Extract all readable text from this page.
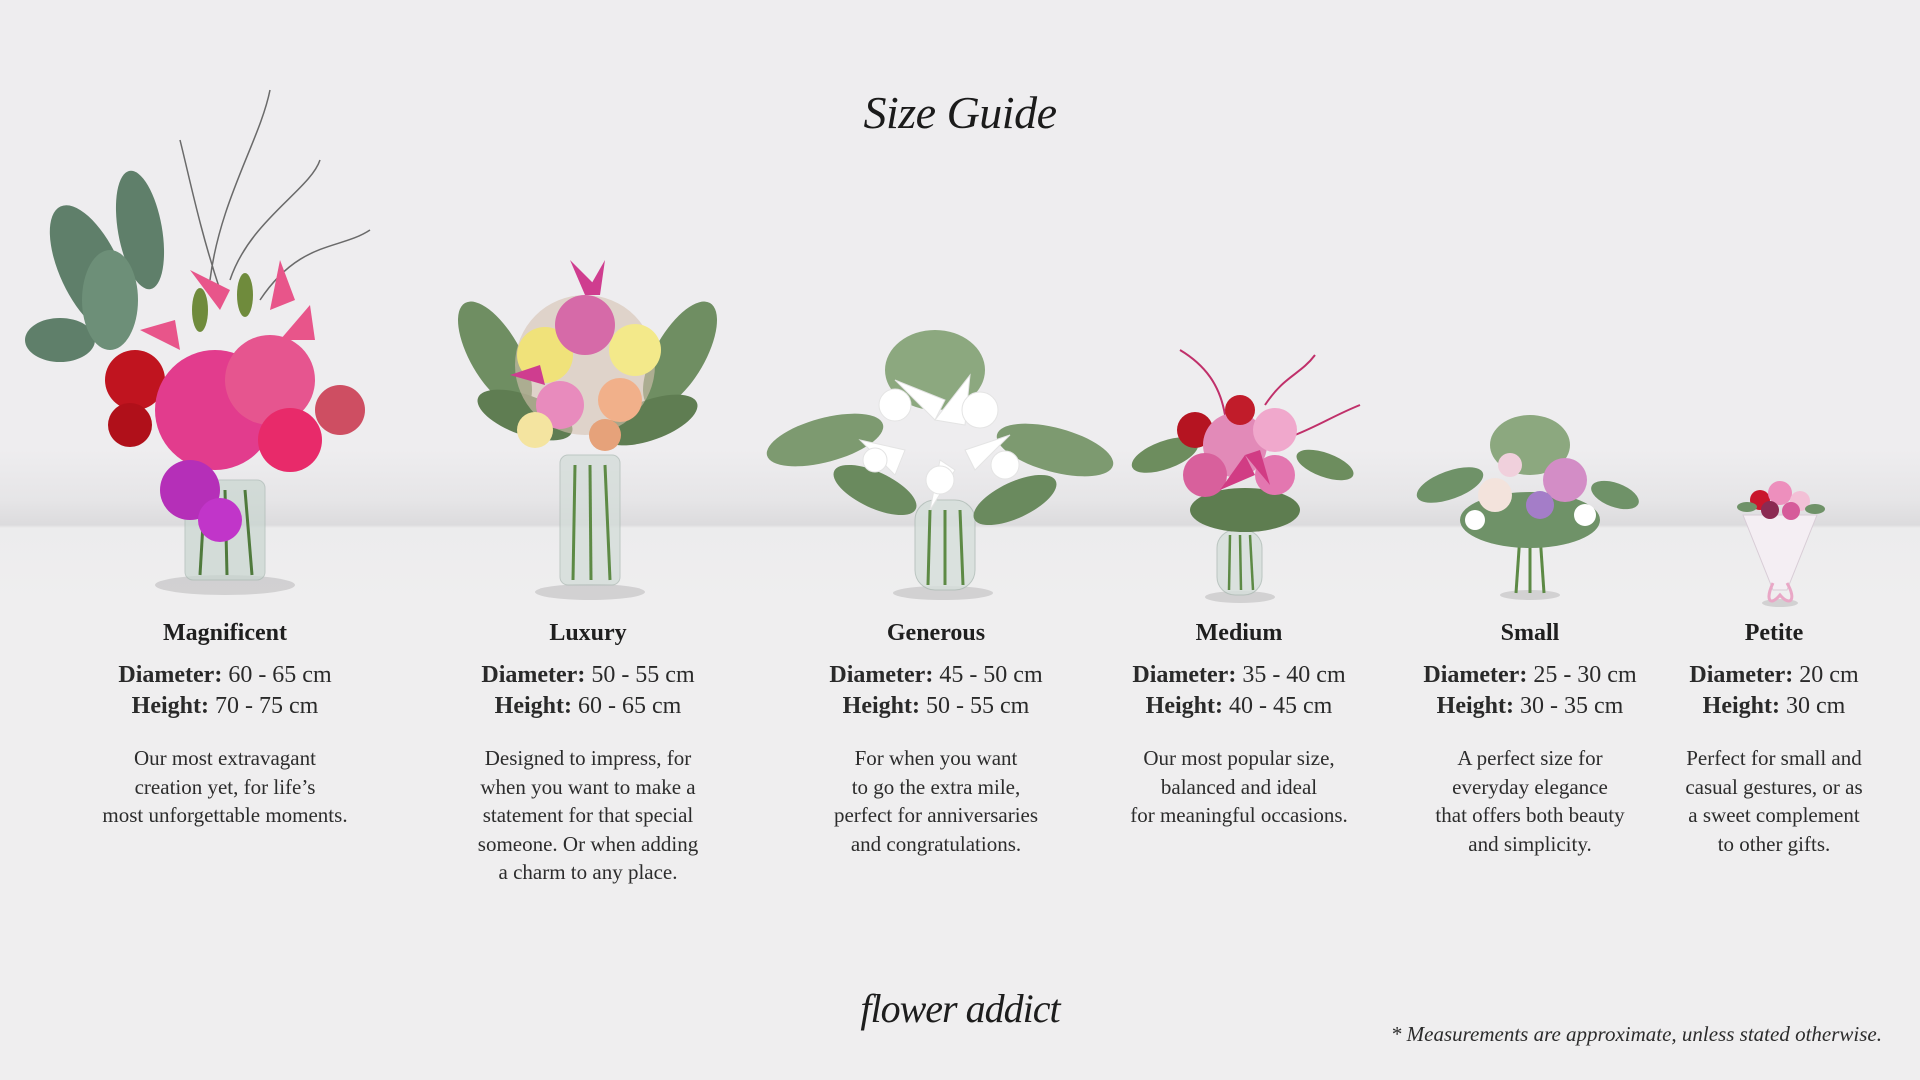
Size Guide
Magnificent
Diameter: 60 - 65 cm
Height: 70 - 75 cm
Our most extravagant
creation yet, for life’s
most unforgettable moments.
Luxury
Diameter: 50 - 55 cm
Height: 60 - 65 cm
Designed to impress, for
when you want to make a
statement for that special
someone. Or when adding
a charm to any place.
Generous
Diameter: 45 - 50 cm
Height: 50 - 55 cm
For when you want
to go the extra mile,
perfect for anniversaries
and congratulations.
Medium
Diameter: 35 - 40 cm
Height: 40 - 45 cm
Our most popular size,
balanced and ideal
for meaningful occasions.
Small
Diameter: 25 - 30 cm
Height: 30 - 35 cm
A perfect size for
everyday elegance
that offers both beauty
and simplicity.
Petite
Diameter: 20 cm
Height: 30 cm
Perfect for small and
casual gestures, or as
a sweet complement
to other gifts.
flower addict
* Measurements are approximate, unless stated otherwise.
